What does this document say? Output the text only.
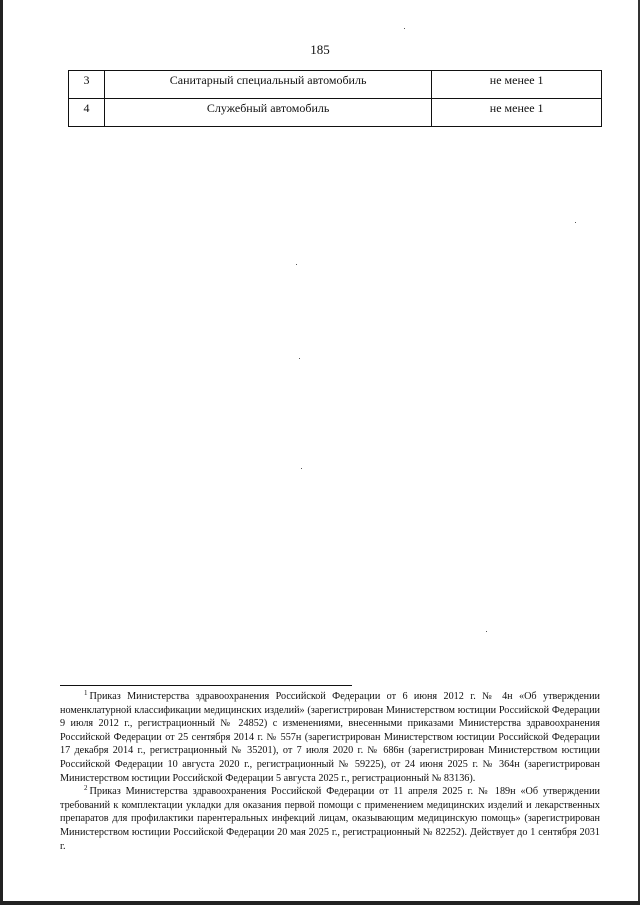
185
3	Санитарный специальный автомобиль	не менее 1
4	Служебный автомобиль	не менее 1

$^1$ Приказ Министерства здравоохранения Российской Федерации от 6 июня 2012 г. № 4н «Об утверждении номенклатурной классификации медицинских изделий» (зарегистрирован Министерством юстиции Российской Федерации 9 июля 2012 г., регистрационный № 24852) с изменениями, внесенными приказами Министерства здравоохранения Российской Федерации от 25 сентября 2014 г. № 557н (зарегистрирован Министерством юстиции Российской Федерации 17 декабря 2014 г., регистрационный № 35201), от 7 июля 2020 г. № 686н (зарегистрирован Министерством юстиции Российской Федерации 10 августа 2020 г., регистрационный № 59225), от 24 июня 2025 г. № 364н (зарегистрирован Министерством юстиции Российской Федерации 5 августа 2025 г., регистрационный № 83136).

$^2$ Приказ Министерства здравоохранения Российской Федерации от 11 апреля 2025 г. № 189н «Об утверждении требований к комплектации укладки для оказания первой помощи с применением медицинских изделий и лекарственных препаратов для профилактики парентеральных инфекций лицам, оказывающим медицинскую помощь» (зарегистрирован Министерством юстиции Российской Федерации 20 мая 2025 г., регистрационный № 82252). Действует до 1 сентября 2031 г.
